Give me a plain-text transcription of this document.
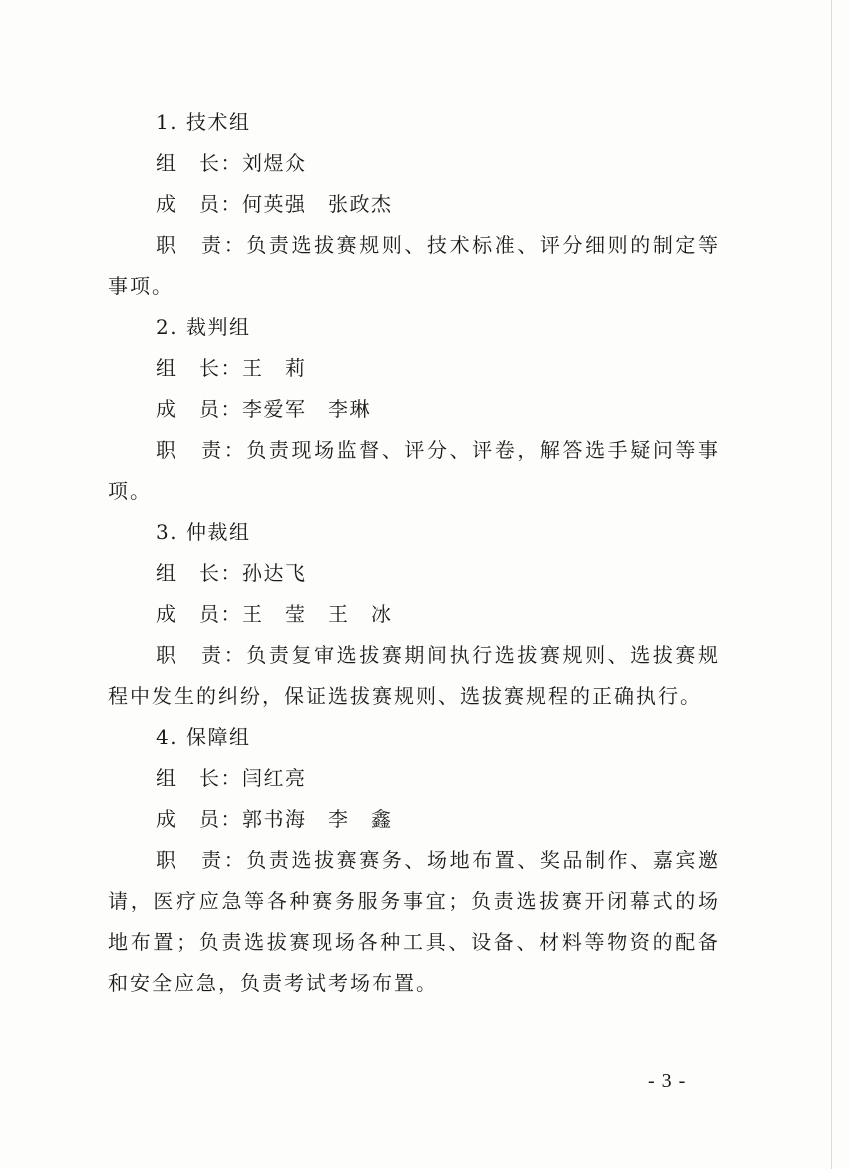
1. 技术组
组　长：刘煜众
成　员：何英强　张政杰
职　责：负责选拔赛规则、技术标准、评分细则的制定等事项。
2. 裁判组
组　长：王　莉
成　员：李爱军　李琳
职　责：负责现场监督、评分、评卷，解答选手疑问等事项。
3. 仲裁组
组　长：孙达飞
成　员：王　莹　王　冰
职　责：负责复审选拔赛期间执行选拔赛规则、选拔赛规程中发生的纠纷，保证选拔赛规则、选拔赛规程的正确执行。
4. 保障组
组　长：闫红亮
成　员：郭书海　李　鑫
职　责：负责选拔赛赛务、场地布置、奖品制作、嘉宾邀请，医疗应急等各种赛务服务事宜；负责选拔赛开闭幕式的场地布置；负责选拔赛现场各种工具、设备、材料等物资的配备和安全应急，负责考试考场布置。
- 3 -
